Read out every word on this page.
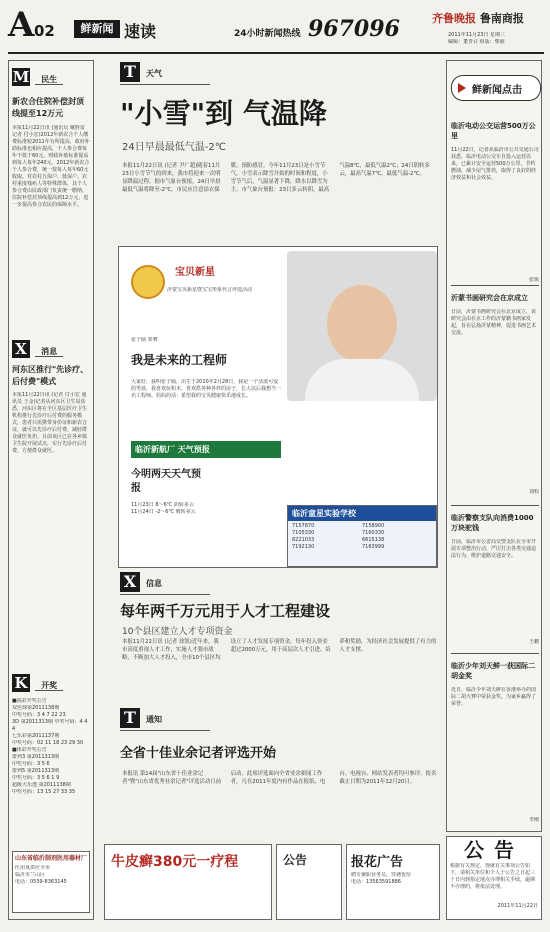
A 02	鲜新闻 速读	24小时新闻热线 967096	齐鲁晚报 鲁南商报
2011年11月23日 星期三
编辑：董青召 组版：柴丽
M 民生
新农合住院补偿封顶线提至12万元
本报11月22日讯 (通讯员 戴胜雷 记者 付小宏)2012年新农合个人缴费标准较2011年有所提高，政府补助标准也相应提高，个人参合费每年不低于60元，财政补助标准提高到每人每年240元。2012年新农合个人参合费，统一按每人每年60元收取。对农村五保户、低保户、农村重度残疾人等特殊群体，其个人参合费由民政部门负责统一缴纳。住院补偿封顶线提高到12万元，进一步提高参合农民的保障水平。
X 消息
河东区推行"先诊疗、后付费"模式
本报11月22日讯 (记者 付小宏 通讯员 王金)记者从河东区卫生局获悉，河东区将在全区基层医疗卫生机构推行先诊疗后付费的服务模式，患者只需携带身份证和新农合证，就可以先诊疗后付费，减轻群众就医负担。目前该区已在各乡镇卫生院开展试点，实行先诊疗后付费，方便群众就医。
K 开奖
■福彩开奖公告
双色球第2011138期
中奖号码：3 4 7 22 23
3D 第2011313期 中奖号码：4 4 4
七乐彩第2011137期
中奖号码：02 11 18 23 29 30
■体彩开奖公告
排列3 第2011313期
中奖号码：3 5 6
排列5 第2011313期
中奖号码：3 5 6 1 9
超级大乐透 第2011138期
中奖号码：13 15 27 33 35
山东省临沂制剂医用器材厂
医用氧供应全市
临沂市兰山区
电话：0539-8363145
T	天气
"小雪"到 气温降
24日早晨最低气温-2℃
本报11月22日讯 (记者 尹广超)随着11月23日小雪节气的到来，我市将迎来一次明显降温过程。据市气象台预报，24日早晨最低气温将降至-2℃。市民应注意添衣保暖，预防感冒。今年11月23日是小雪节气，小雪表示降雪开始的时间和程度，小雪节气后，气温显著下降，降水以降雪为主。市气象台预报：23日多云转阴，最高气温8℃，最低气温2℃；24日阴转多云，最高气温7℃，最低气温-2℃。
宝贝新星
沂蒙宝贝新星暨宝宝形象代言评选活动
张子硕 参赛
我是未来的工程师
大家好，我叫张子硕，出生于2010年2月28日，我是一个活泼可爱的男孩，我喜欢玩积木，喜欢搭各种各样的房子，长大以后我想当一名工程师。妈妈的话：希望我的宝贝健康快乐地成长。
临沂新航厂 天气预报
今明两天天气预报
11月23日 8～6℃ 阴转多云
11月24日 -2～6℃ 晴转多云	临沂童星实验学校
7157870	7158900
7105330	7160330
8221033	6615138
7192130	7163999
X	信息
每年两千万元用于人才工程建设
10个县区建立人才专项资金
本报11月22日讯 (记者 徐凯)近年来，我市高度重视人才工作，实施人才强市战略，不断加大人才投入，全市10个县区均设立了人才发展专项资金，每年投入资金超过2000万元，用于高层次人才引进、培养和奖励，为经济社会发展提供了有力的人才支撑。
T	通知
全省十佳业余记者评选开始
本报讯 第14届"山东省十佳业余记者"暨"山东省优秀业余记者"评选活动日前启动。此项评选面向全省业余新闻工作者，凡在2011年度内有作品在报纸、电台、电视台、网站发表者均可参评。报名截止日期为2011年12月20日。
鲜新闻点击
临沂电动公交运营500万公里
11月22日，记者从临沂市公共交通公司获悉，临沂电动公交车自投入运营以来，已累计安全运营500万公里，节约燃油，减少尾气排放，取得了良好的经济效益和社会效益。
张锐
沂蒙书画研究会在京成立
日前，沂蒙书画研究会在北京成立，该研究会由在京工作的沂蒙籍书画家发起，旨在弘扬沂蒙精神，促进书画艺术交流。
刘程
临沂警察支队向消费1000万块驼钱
日前，临沂市公安局交警支队在全市开展专项整治行动，严厉打击各类交通违法行为，维护道路交通安全。
王鹏
临沂少年刘天鲜一获国际二胡金奖
近日，临沂少年刘天鲜在香港举办的国际二胡大赛中荣获金奖，为家乡赢得了荣誉。
李刚
公告
根据有关规定，现就有关事项公告如下，请相关单位和个人于公告之日起三十日内到指定地点办理相关手续，逾期不办理的，将依法处理。
2011年11月22日
牛皮癣380元一疗程	公告	报花广告
聘专兼职业务员，待遇优厚
电话：13563591886
